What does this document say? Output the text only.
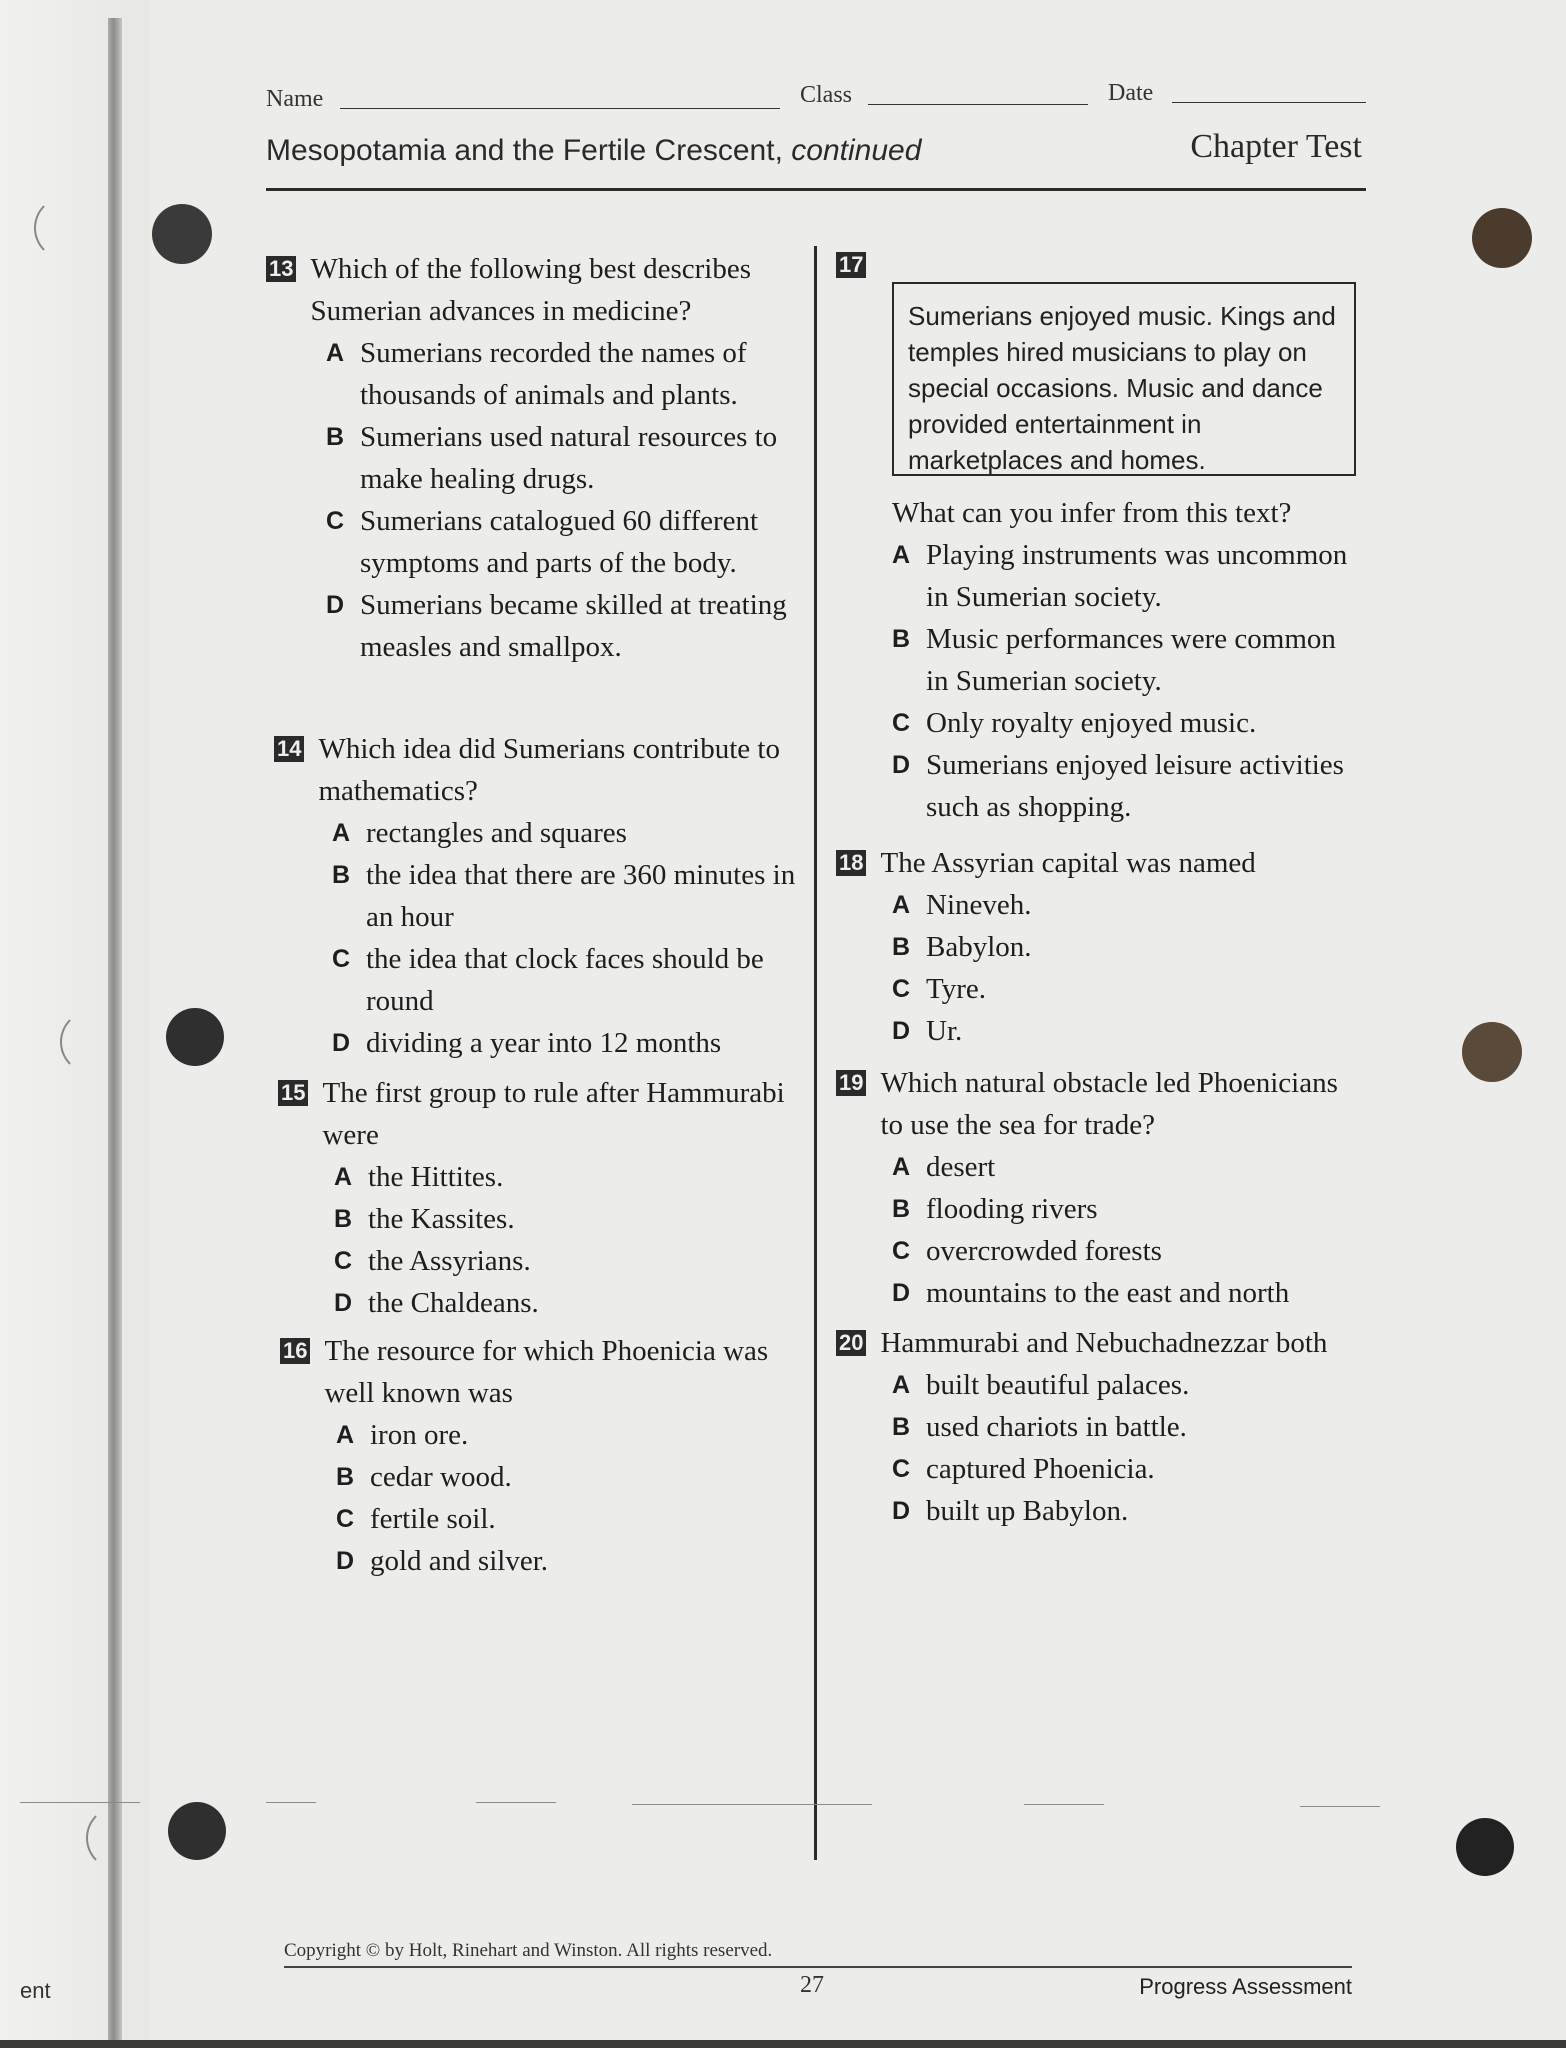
Name	Class	Date
Mesopotamia and the Fertile Crescent, continued	Chapter Test
13 Which of the following best describes Sumerian advances in medicine?
A Sumerians recorded the names of thousands of animals and plants.
B Sumerians used natural resources to make healing drugs.
C Sumerians catalogued 60 different symptoms and parts of the body.
D Sumerians became skilled at treating measles and smallpox.
14 Which idea did Sumerians contribute to mathematics?
A rectangles and squares
B the idea that there are 360 minutes in an hour
C the idea that clock faces should be round
D dividing a year into 12 months
15 The first group to rule after Hammurabi were
A the Hittites.
B the Kassites.
C the Assyrians.
D the Chaldeans.
16 The resource for which Phoenicia was well known was
A iron ore.
B cedar wood.
C fertile soil.
D gold and silver.
17
Sumerians enjoyed music. Kings and temples hired musicians to play on special occasions. Music and dance provided entertainment in marketplaces and homes.
What can you infer from this text?
A Playing instruments was uncommon in Sumerian society.
B Music performances were common in Sumerian society.
C Only royalty enjoyed music.
D Sumerians enjoyed leisure activities such as shopping.
18 The Assyrian capital was named
A Nineveh.
B Babylon.
C Tyre.
D Ur.
19 Which natural obstacle led Phoenicians to use the sea for trade?
A desert
B flooding rivers
C overcrowded forests
D mountains to the east and north
20 Hammurabi and Nebuchadnezzar both
A built beautiful palaces.
B used chariots in battle.
C captured Phoenicia.
D built up Babylon.
Copyright © by Holt, Rinehart and Winston. All rights reserved.
27	Progress Assessment
ent
